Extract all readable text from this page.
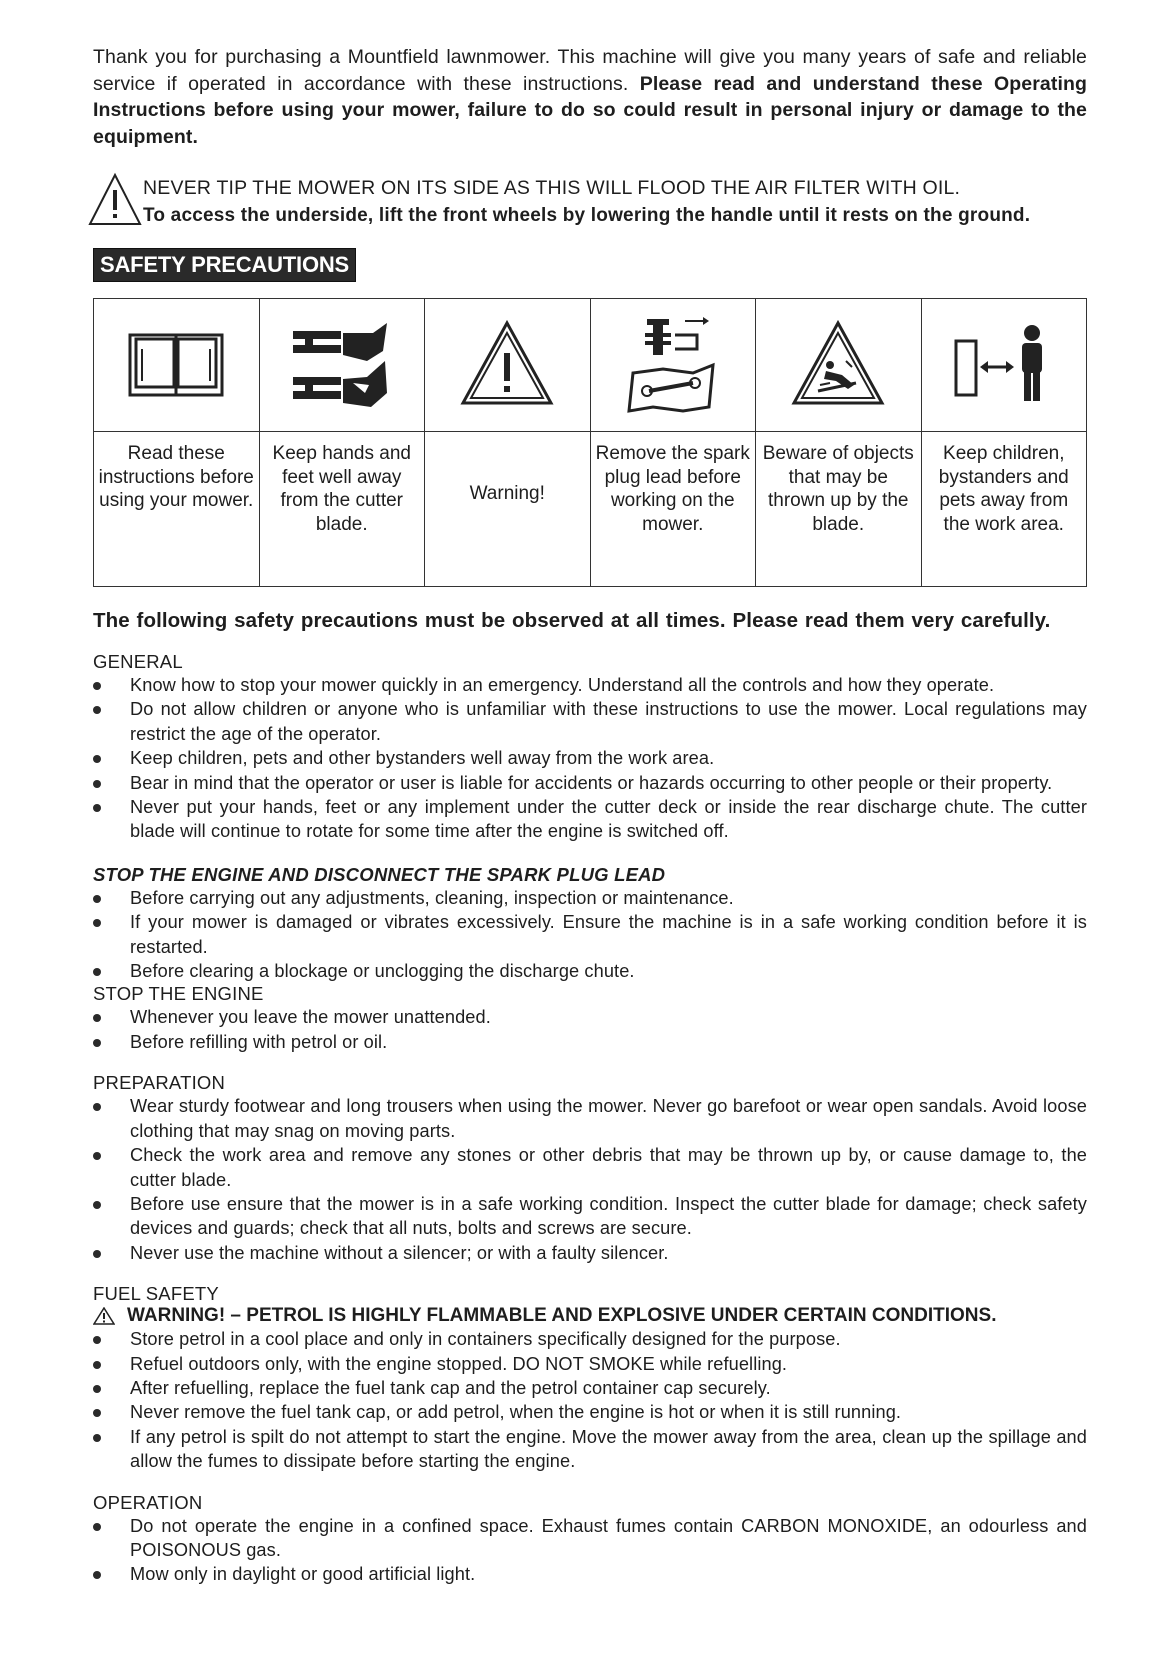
Thank you for purchasing a Mountfield lawnmower. This machine will give you many years of safe and reliable service if operated in accordance with these instructions. Please read and understand these Operating Instructions before using your mower, failure to do so could result in personal injury or damage to the equipment.

NEVER TIP THE MOWER ON ITS SIDE AS THIS WILL FLOOD THE AIR FILTER WITH OIL.
To access the underside, lift the front wheels by lowering the handle until it rests on the ground.
SAFETY PRECAUTIONS

Read these instructions before using your mower.	Keep hands and feet well away from the cutter blade.	Warning!	Remove the spark plug lead before working on the mower.	Beware of objects that may be thrown up by the blade.	Keep children, bystanders and pets away from the work area.
The following safety precautions must be observed at all times. Please read them very carefully.
GENERAL
Know how to stop your mower quickly in an emergency. Understand all the controls and how they operate.
Do not allow children or anyone who is unfamiliar with these instructions to use the mower. Local regulations may restrict the age of the operator.
Keep children, pets and other bystanders well away from the work area.
Bear in mind that the operator or user is liable for accidents or hazards occurring to other people or their property.
Never put your hands, feet or any implement under the cutter deck or inside the rear discharge chute. The cutter blade will continue to rotate for some time after the engine is switched off.
STOP THE ENGINE AND DISCONNECT THE SPARK PLUG LEAD
Before carrying out any adjustments, cleaning, inspection or maintenance.
If your mower is damaged or vibrates excessively. Ensure the machine is in a safe working condition before it is restarted.
Before clearing a blockage or unclogging the discharge chute.
STOP THE ENGINE
Whenever you leave the mower unattended.
Before refilling with petrol or oil.
PREPARATION
Wear sturdy footwear and long trousers when using the mower. Never go barefoot or wear open sandals. Avoid loose clothing that may snag on moving parts.
Check the work area and remove any stones or other debris that may be thrown up by, or cause damage to, the cutter blade.
Before use ensure that the mower is in a safe working condition. Inspect the cutter blade for damage; check safety devices and guards; check that all nuts, bolts and screws are secure.
Never use the machine without a silencer; or with a faulty silencer.
FUEL SAFETY
WARNING! – PETROL IS HIGHLY FLAMMABLE AND EXPLOSIVE UNDER CERTAIN CONDITIONS.
Store petrol in a cool place and only in containers specifically designed for the purpose.
Refuel outdoors only, with the engine stopped. DO NOT SMOKE while refuelling.
After refuelling, replace the fuel tank cap and the petrol container cap securely.
Never remove the fuel tank cap, or add petrol, when the engine is hot or when it is still running.
If any petrol is spilt do not attempt to start the engine. Move the mower away from the area, clean up the spillage and allow the fumes to dissipate before starting the engine.
OPERATION
Do not operate the engine in a confined space. Exhaust fumes contain CARBON MONOXIDE, an odourless and POISONOUS gas.
Mow only in daylight or good artificial light.
